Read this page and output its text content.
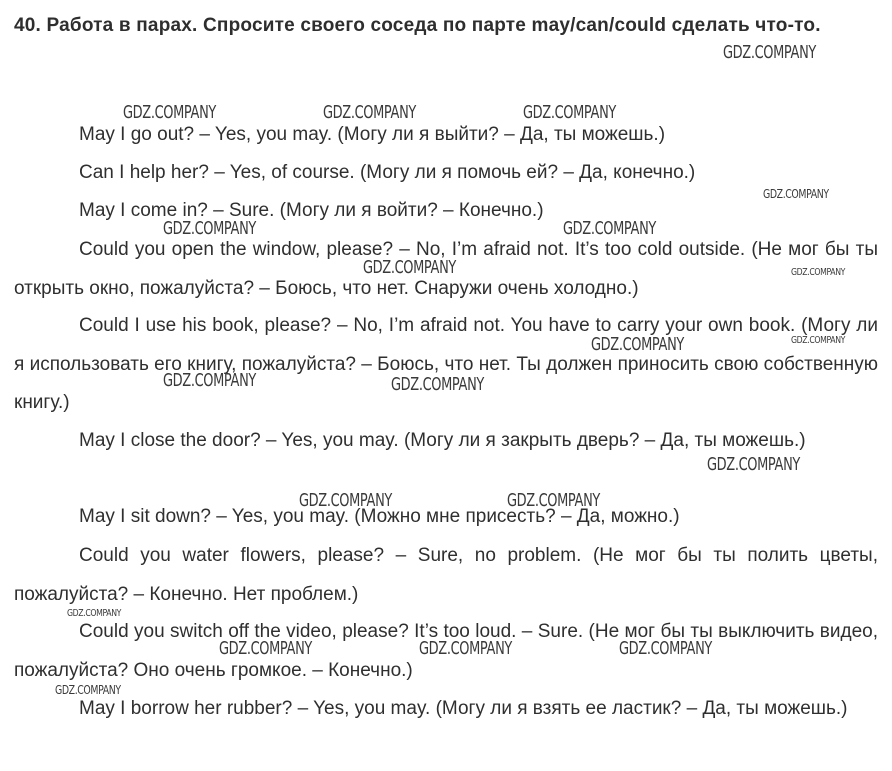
40. Работа в парах. Спросите своего соседа по парте may/can/could сделать что-то.
May I go out? – Yes, you may. (Могу ли я выйти? – Да, ты можешь.)
Can I help her? – Yes, of course. (Могу ли я помочь ей? – Да, конечно.)
May I come in? – Sure. (Могу ли я войти? – Конечно.)
Could you open the window, please? – No, I’m afraid not. It’s too cold outside. (Не мог бы ты открыть окно, пожалуйста? – Боюсь, что нет. Снаружи очень холодно.)
Could I use his book, please? – No, I’m afraid not. You have to carry your own book. (Могу ли я использовать его книгу, пожалуйста? – Боюсь, что нет. Ты должен приносить свою собственную книгу.)
May I close the door? – Yes, you may. (Могу ли я закрыть дверь? – Да, ты можешь.)
May I sit down? – Yes, you may. (Можно мне присесть? – Да, можно.)
Could you water flowers, please? – Sure, no problem. (Не мог бы ты полить цветы, пожалуйста? – Конечно. Нет проблем.)
Could you switch off the video, please? It’s too loud. – Sure. (Не мог бы ты выключить видео, пожалуйста? Оно очень громкое. – Конечно.)
May I borrow her rubber? – Yes, you may. (Могу ли я взять ее ластик? – Да, ты можешь.)
GDZ.COMPANY
GDZ.COMPANY	GDZ.COMPANY	GDZ.COMPANY
GDZ.COMPANY
GDZ.COMPANY	GDZ.COMPANY
GDZ.COMPANY	GDZ.COMPANY
GDZ.COMPANY
GDZ.COMPANY
GDZ.COMPANY	GDZ.COMPANY
GDZ.COMPANY
GDZ.COMPANY	GDZ.COMPANY
GDZ.COMPANY
GDZ.COMPANY	GDZ.COMPANY	GDZ.COMPANY
GDZ.COMPANY
